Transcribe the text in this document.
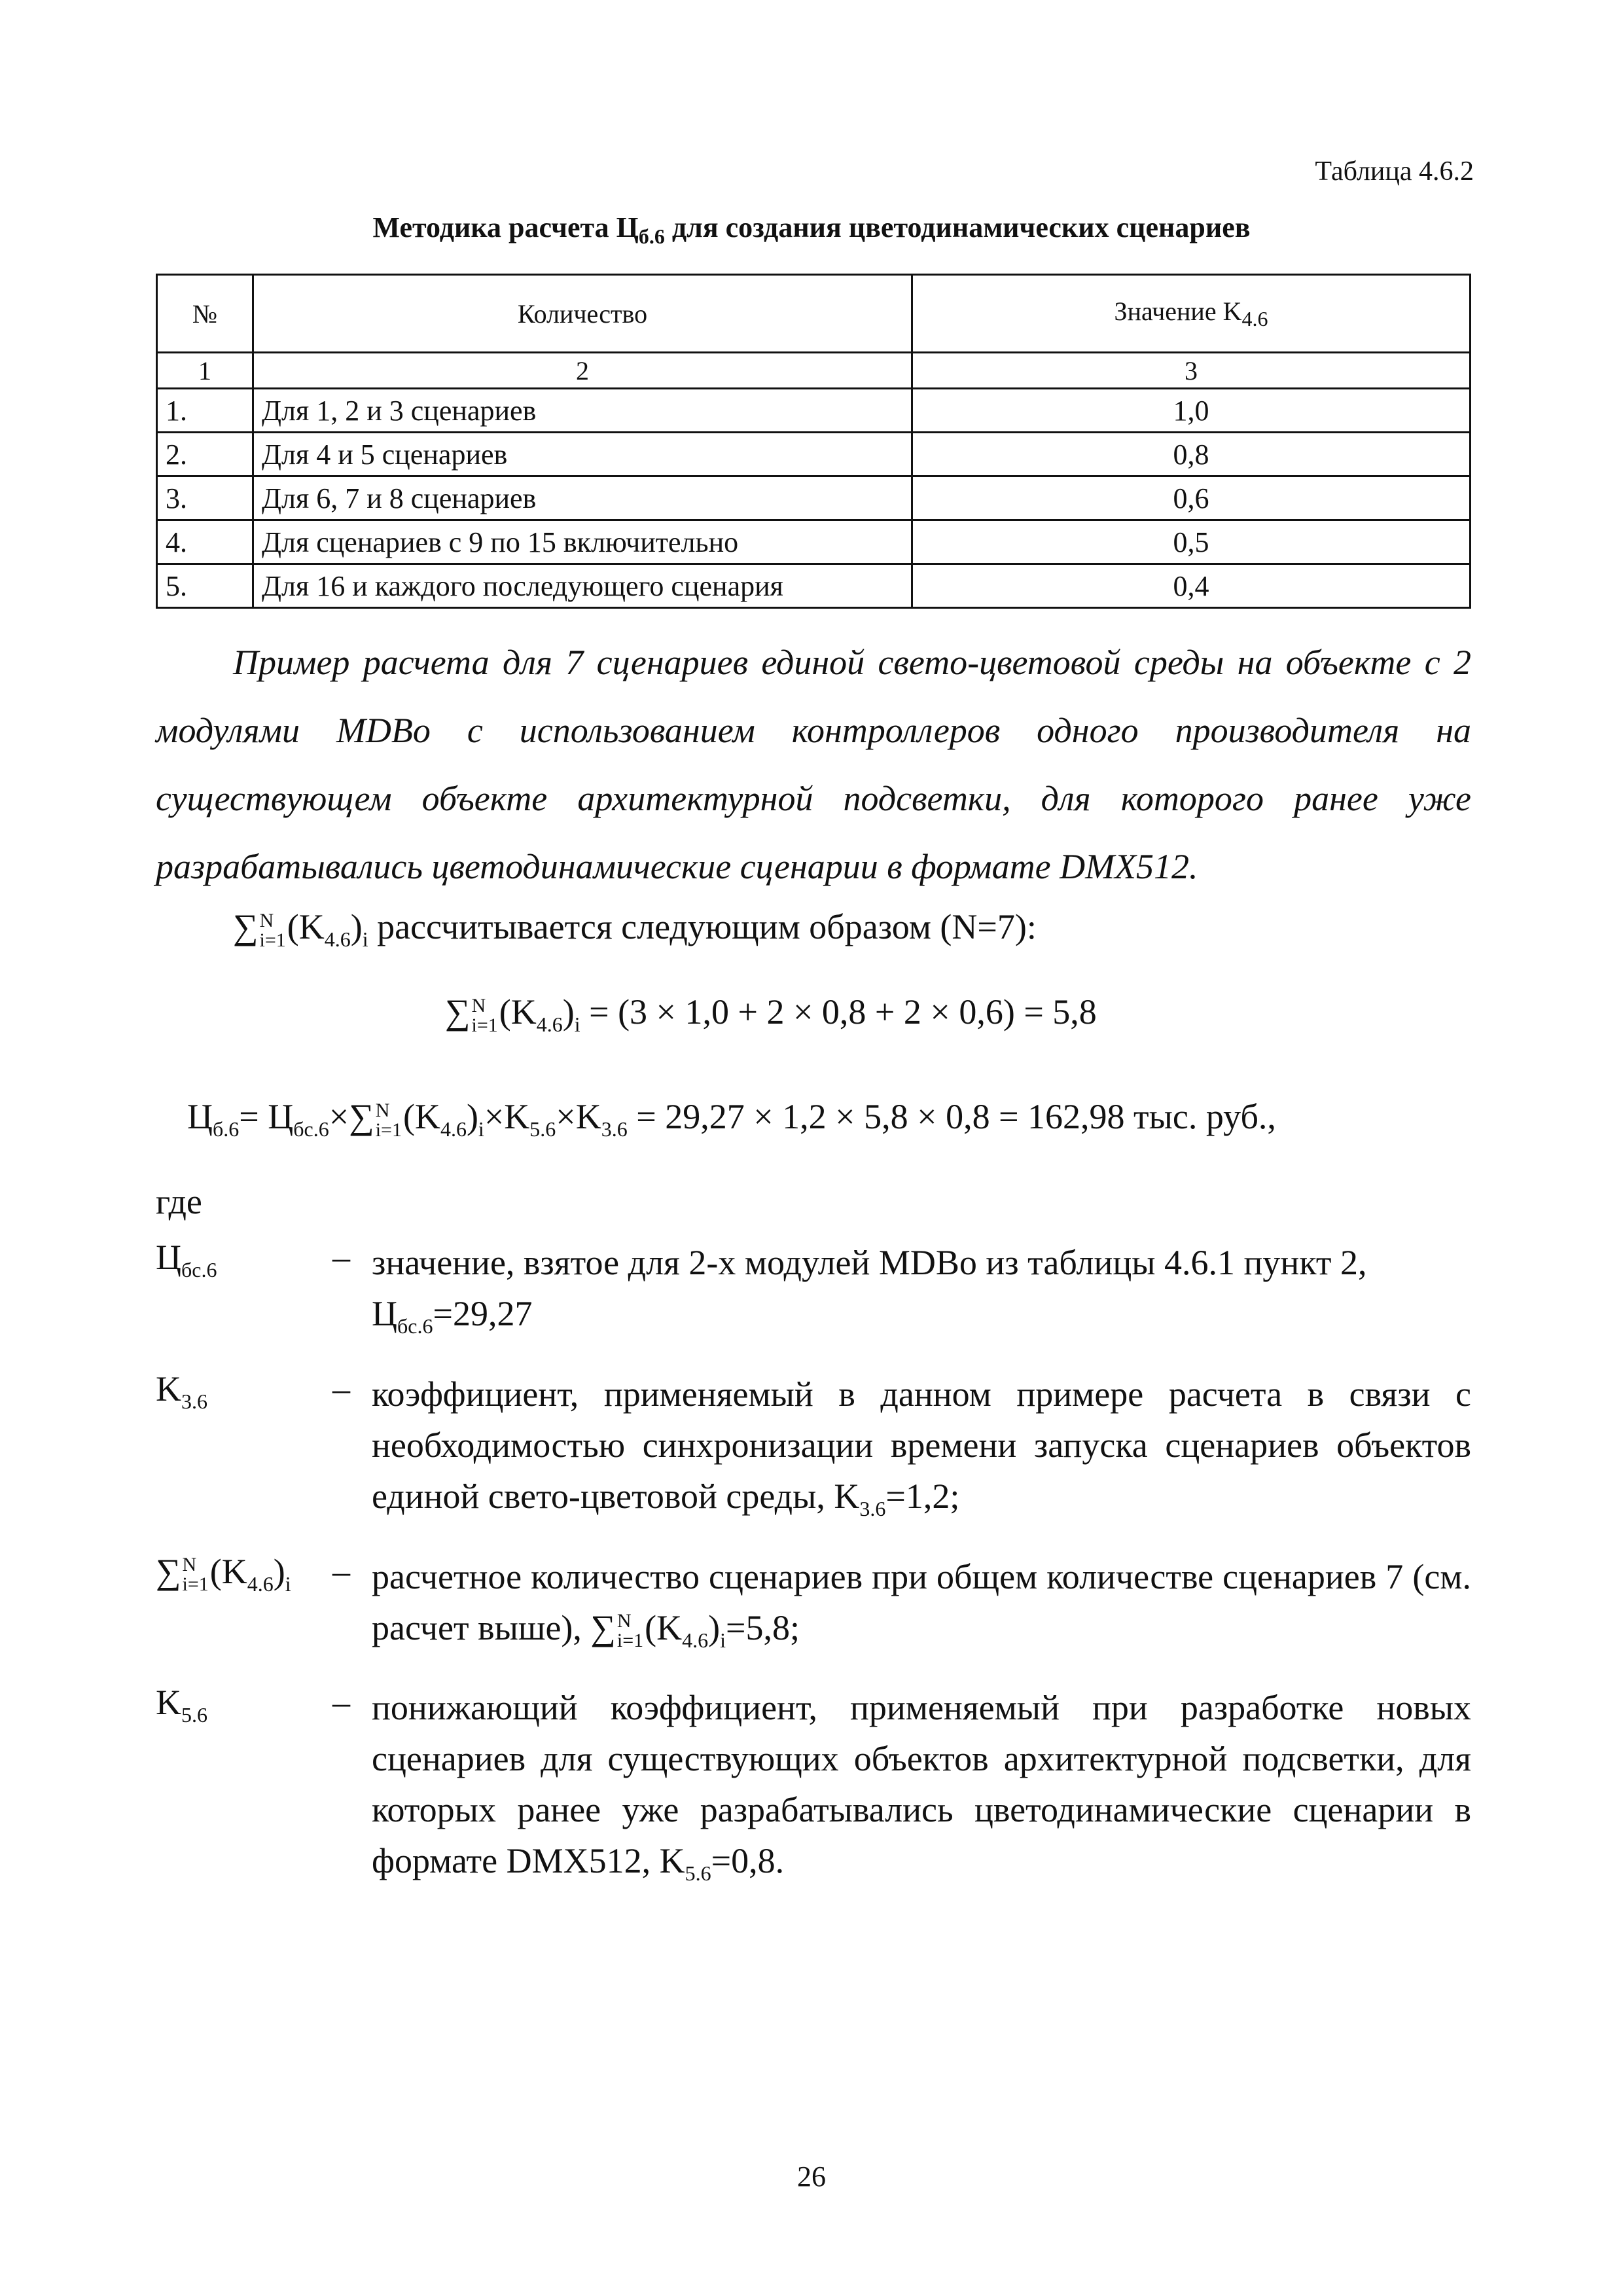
Таблица 4.6.2
Методика расчета $Ц_{б.6}$ для создания цветодинамических сценариев
№	Количество	Значение $K_{4.6}$
1	2	3
1.	Для 1, 2 и 3 сценариев	1,0
2.	Для 4 и 5 сценариев	0,8
3.	Для 6, 7 и 8 сценариев	0,6
4.	Для сценариев с 9 по 15 включительно	0,5
5.	Для 16 и каждого последующего сценария	0,4
Пример расчета для 7 сценариев единой свето-цветовой среды на объекте с 2 модулями MDBo с использованием контроллеров одного производителя на существующем объекте архитектурной подсветки, для которого ранее уже разрабатывались цветодинамические сценарии в формате DMX512.
∑ N
i=1 $(K_{4.6})_i$ рассчитывается следующим образом (N=7):
∑ N
i=1 $(K_{4.6})_i = (3 \times 1,0 + 2 \times 0,8 + 2 \times 0,6) = 5,8$
$Ц_{б.6}= Ц_{бс.6}\times\sum$ N
i=1 $(K_{4.6})_i\times K_{5.6}\times K_{3.6} = 29,27 \times 1,2 \times 5,8 \times 0,8 = 162,98$ тыс. руб.,
где
$Ц_{бс.6}$	– значение, взятое для 2-х модулей MDBo из таблицы 4.6.1 пункт 2,
$Ц_{бс.6}=29,27$
$K_{3.6}$	– коэффициент, применяемый в данном примере расчета в связи с необходимостью синхронизации времени запуска сценариев объектов единой свето-цветовой среды, $K_{3.6}=1,2$;
∑ N
i=1 $(K_{4.6})_i$	– расчетное количество сценариев при общем количестве сценариев 7 (см. расчет выше), ∑ N
i=1 $(K_{4.6})_i=5,8$;
$K_{5.6}$	– понижающий коэффициент, применяемый при разработке новых сценариев для существующих объектов архитектурной подсветки, для которых ранее уже разрабатывались цветодинамические сценарии в формате DMX512, $K_{5.6}=0,8$.
26
